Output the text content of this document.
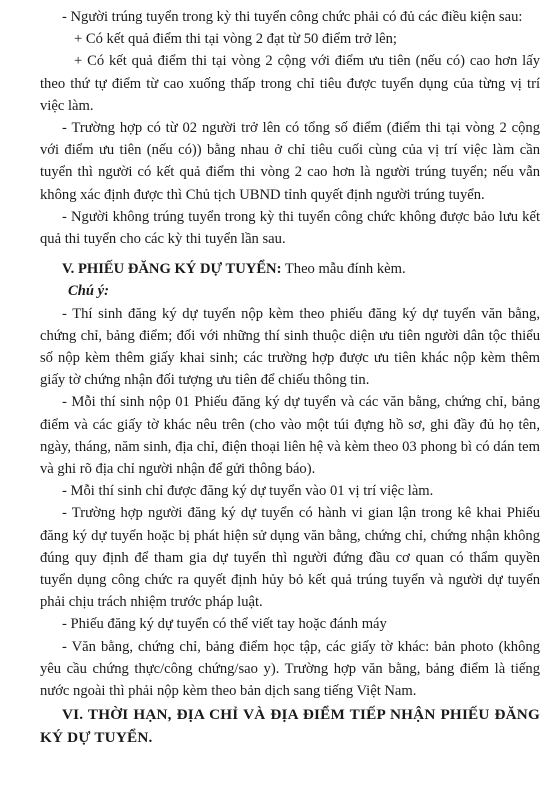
- Người trúng tuyển trong kỳ thi tuyển công chức phải có đủ các điều kiện sau:

+ Có kết quả điểm thi tại vòng 2 đạt từ 50 điểm trở lên;

+ Có kết quả điểm thi tại vòng 2 cộng với điểm ưu tiên (nếu có) cao hơn lấy theo thứ tự điểm từ cao xuống thấp trong chỉ tiêu được tuyển dụng của từng vị trí việc làm.

- Trường hợp có từ 02 người trở lên có tổng số điểm (điểm thi tại vòng 2 cộng với điểm ưu tiên (nếu có)) bằng nhau ở chỉ tiêu cuối cùng của vị trí việc làm cần tuyển thì người có kết quả điểm thi vòng 2 cao hơn là người trúng tuyển; nếu vẫn không xác định được thì Chủ tịch UBND tỉnh quyết định người trúng tuyển.

- Người không trúng tuyển trong kỳ thi tuyển công chức không được bảo lưu kết quả thi tuyển cho các kỳ thi tuyển lần sau.

V. PHIẾU ĐĂNG KÝ DỰ TUYỂN: Theo mẫu đính kèm.

Chú ý:

- Thí sinh đăng ký dự tuyển nộp kèm theo phiếu đăng ký dự tuyển văn bằng, chứng chỉ, bảng điểm; đối với những thí sinh thuộc diện ưu tiên người dân tộc thiểu số nộp kèm thêm giấy khai sinh; các trường hợp được ưu tiên khác nộp kèm thêm giấy tờ chứng nhận đối tượng ưu tiên để chiếu thông tin.

- Mỗi thí sinh nộp 01 Phiếu đăng ký dự tuyển và các văn bằng, chứng chỉ, bảng điểm và các giấy tờ khác nêu trên (cho vào một túi đựng hồ sơ, ghi đầy đủ họ tên, ngày, tháng, năm sinh, địa chỉ, điện thoại liên hệ và kèm theo 03 phong bì có dán tem và ghi rõ địa chỉ người nhận để gửi thông báo).

- Mỗi thí sinh chỉ được đăng ký dự tuyển vào 01 vị trí việc làm.

- Trường hợp người đăng ký dự tuyển có hành vi gian lận trong kê khai Phiếu đăng ký dự tuyển hoặc bị phát hiện sử dụng văn bằng, chứng chỉ, chứng nhận không đúng quy định để tham gia dự tuyển thì người đứng đầu cơ quan có thẩm quyền tuyển dụng công chức ra quyết định hủy bỏ kết quả trúng tuyển và người dự tuyển phải chịu trách nhiệm trước pháp luật.

- Phiếu đăng ký dự tuyển có thể viết tay hoặc đánh máy

- Văn bằng, chứng chỉ, bảng điểm học tập, các giấy tờ khác: bản photo (không yêu cầu chứng thực/công chứng/sao y). Trường hợp văn bằng, bảng điểm là tiếng nước ngoài thì phải nộp kèm theo bản dịch sang tiếng Việt Nam.

VI. THỜI HẠN, ĐỊA CHỈ VÀ ĐỊA ĐIỂM TIẾP NHẬN PHIẾU ĐĂNG KÝ DỰ TUYỂN.
